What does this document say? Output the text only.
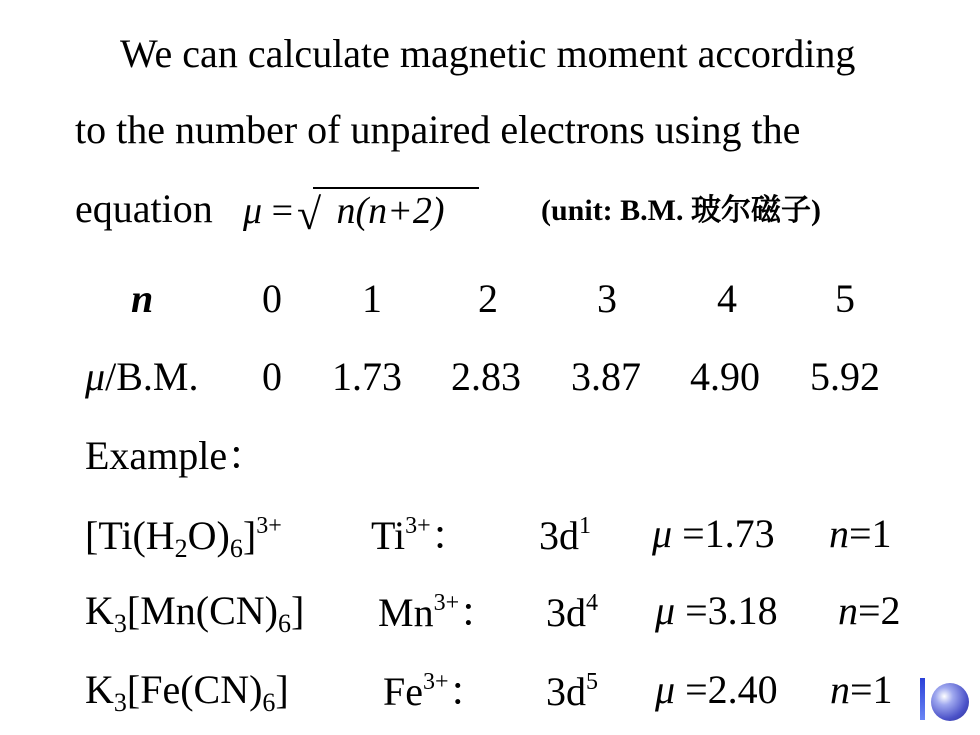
We can calculate magnetic moment according
to the number of unpaired electrons using the
equation μ = √ n(n+2)	(unit: B.M. 玻尔磁子)
n	0 1 2 3	4 5
μ/B.M. 0 1.73 2.83 3.87 4.90 5.92
Example：
$[Ti(H_2O)_6]^{3+}$ $Ti^{3+}$： $3d^1$ μ =1.73 n=1
$K_3[Mn(CN)_6]$ $Mn^{3+}$： $3d^4$ μ =3.18 n=2
$K_3[Fe(CN)_6]$ $Fe^{3+}$： $3d^5$ μ =2.40 n=1
